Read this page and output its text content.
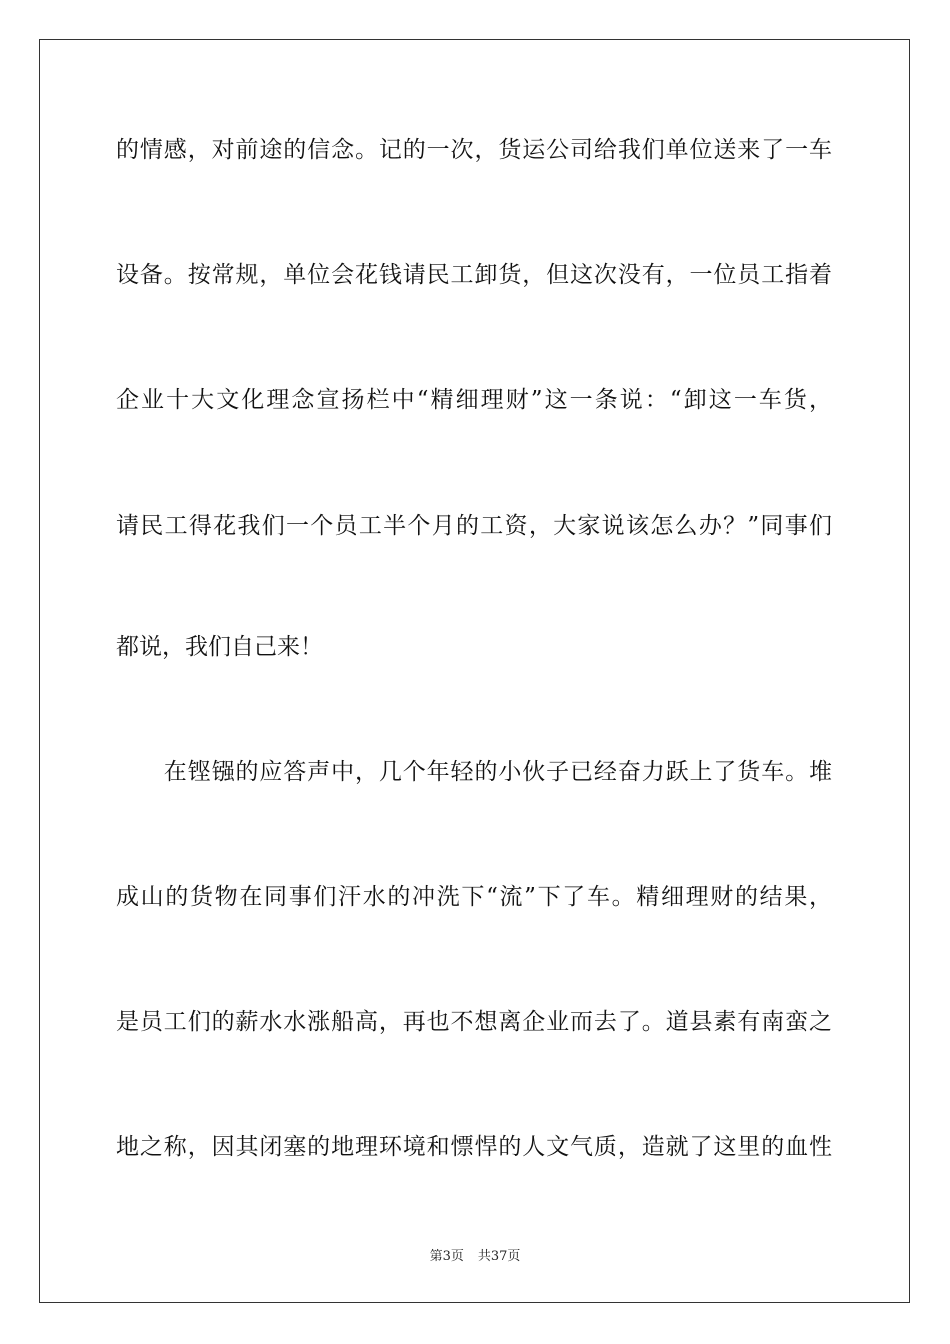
的情感，对前途的信念。记的一次，货运公司给我们单位送来了一车
设备。按常规，单位会花钱请民工卸货，但这次没有，一位员工指着
企业十大文化理念宣扬栏中“精细理财”这一条说：“卸这一车货，
请民工得花我们一个员工半个月的工资，大家说该怎么办？”同事们
都说，我们自己来！
　　在铿镪的应答声中，几个年轻的小伙子已经奋力跃上了货车。堆
成山的货物在同事们汗水的冲洗下“流”下了车。精细理财的结果，
是员工们的薪水水涨船高，再也不想离企业而去了。道县素有南蛮之
地之称，因其闭塞的地理环境和慓悍的人文气质，造就了这里的血性
第3页 共37页
